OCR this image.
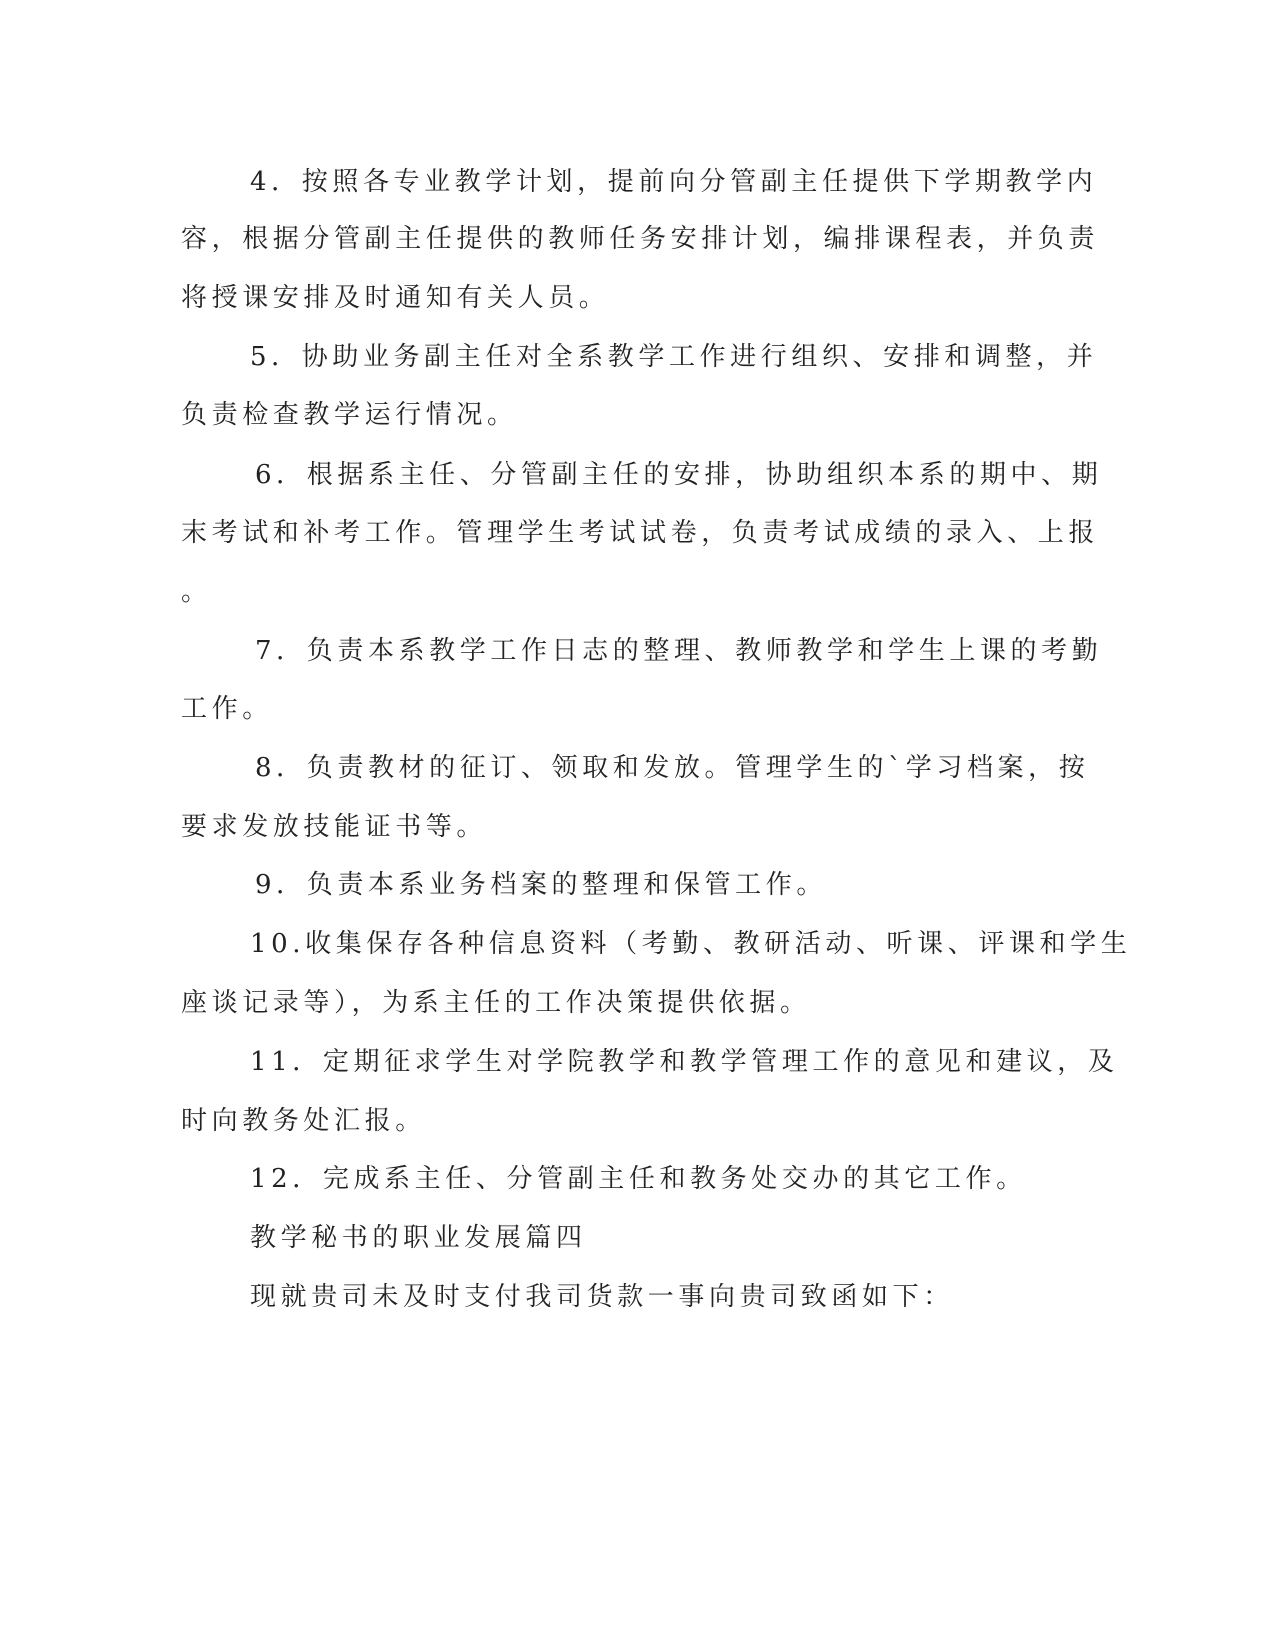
4．按照各专业教学计划，提前向分管副主任提供下学期教学内

容，根据分管副主任提供的教师任务安排计划，编排课程表，并负责

将授课安排及时通知有关人员。

5．协助业务副主任对全系教学工作进行组织、安排和调整，并

负责检查教学运行情况。

6．根据系主任、分管副主任的安排，协助组织本系的期中、期

末考试和补考工作。管理学生考试试卷，负责考试成绩的录入、上报

。

7．负责本系教学工作日志的整理、教师教学和学生上课的考勤

工作。

8．负责教材的征订、领取和发放。管理学生的`学习档案，按

要求发放技能证书等。

9．负责本系业务档案的整理和保管工作。

10.收集保存各种信息资料（考勤、教研活动、听课、评课和学生

座谈记录等），为系主任的工作决策提供依据。

11．定期征求学生对学院教学和教学管理工作的意见和建议，及

时向教务处汇报。

12．完成系主任、分管副主任和教务处交办的其它工作。

教学秘书的职业发展篇四

现就贵司未及时支付我司货款一事向贵司致函如下：
